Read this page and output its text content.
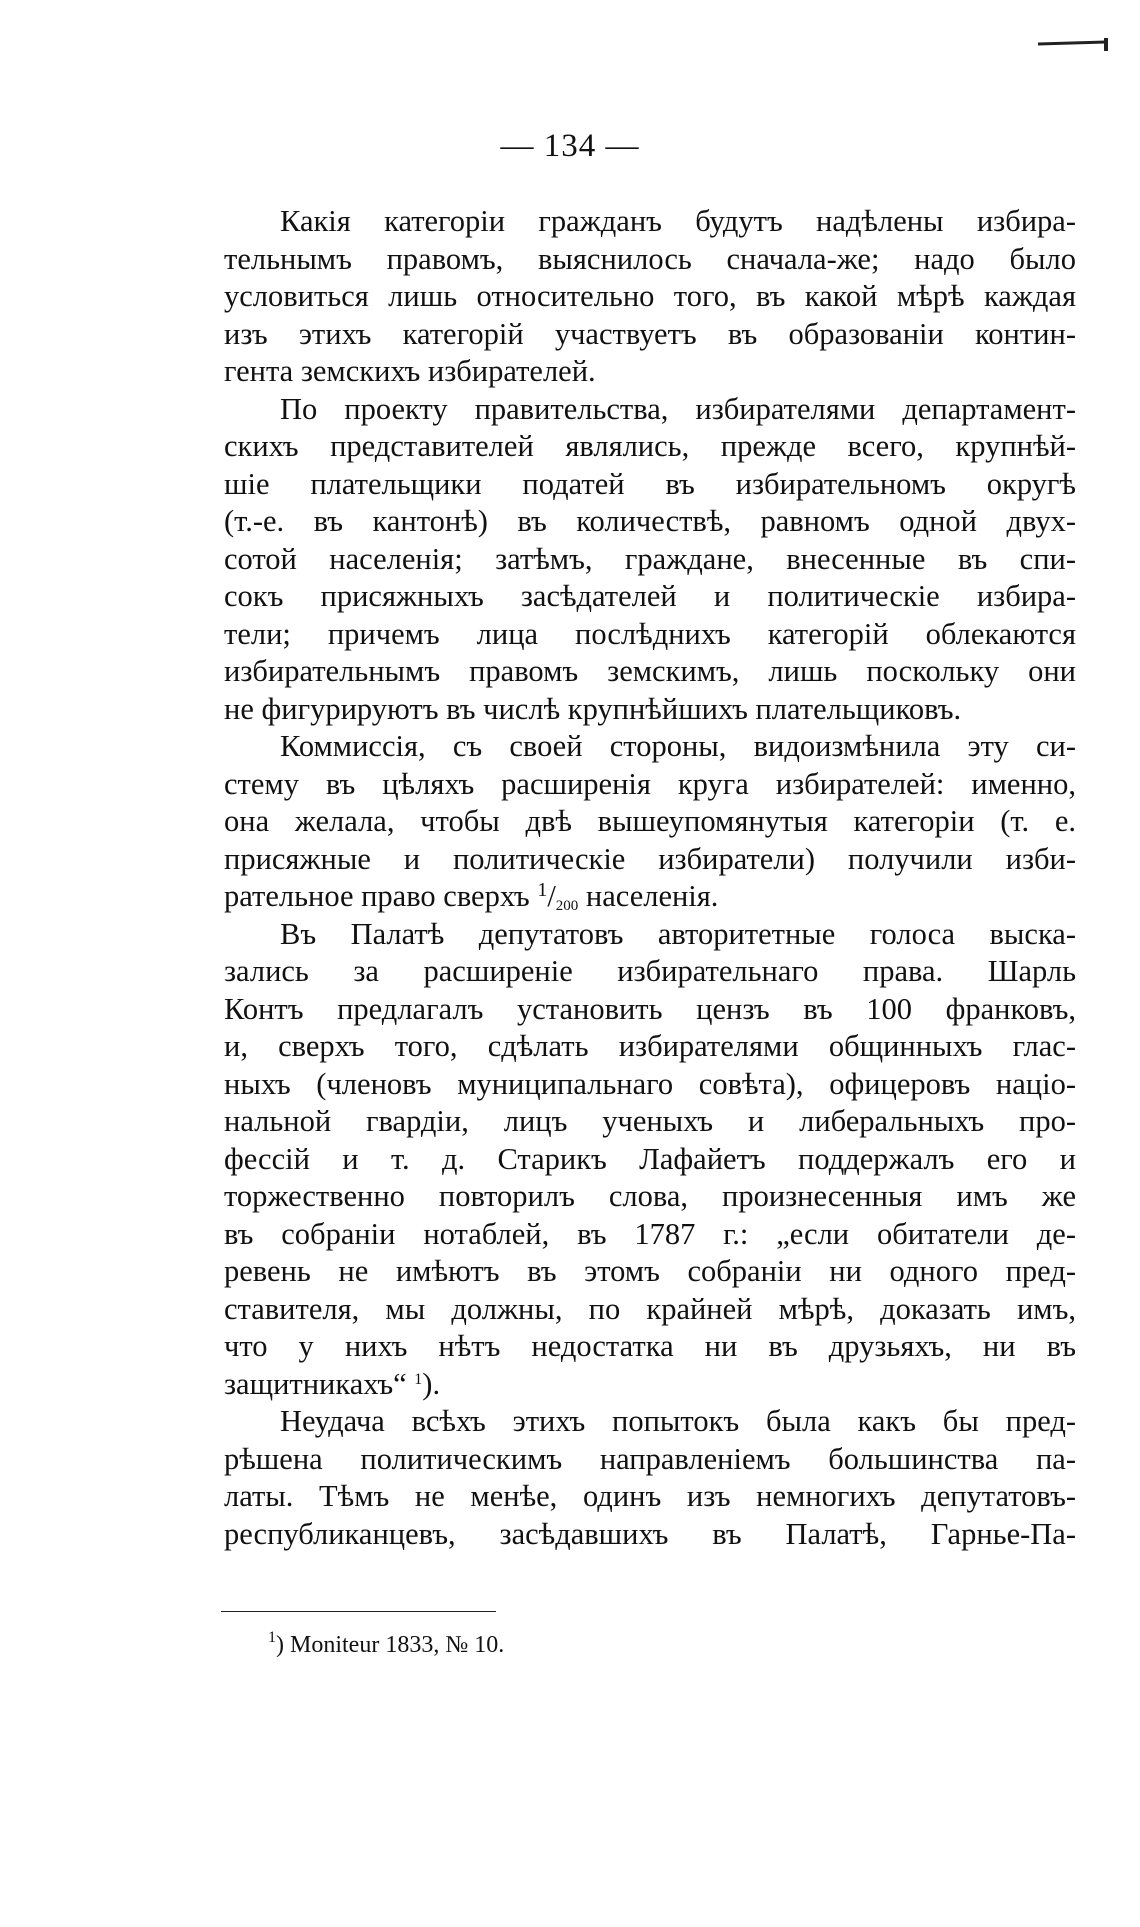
— 134 —
Какія категоріи гражданъ будутъ надѣлены избира-
тельнымъ правомъ, выяснилось сначала-же; надо было
условиться лишь относительно того, въ какой мѣрѣ каждая
изъ этихъ категорій участвуетъ въ образованіи контин-
гента земскихъ избирателей.
По проекту правительства, избирателями департамент-
скихъ представителей являлись, прежде всего, крупнѣй-
шіе плательщики податей въ избирательномъ округѣ
(т.-е. въ кантонѣ) въ количествѣ, равномъ одной двух-
сотой населенія; затѣмъ, граждане, внесенные въ спи-
сокъ присяжныхъ засѣдателей и политическіе избира-
тели; причемъ лица послѣднихъ категорій облекаются
избирательнымъ правомъ земскимъ, лишь поскольку они
не фигурируютъ въ числѣ крупнѣйшихъ плательщиковъ.
Коммиссія, съ своей стороны, видоизмѣнила эту си-
стему въ цѣляхъ расширенія круга избирателей: именно,
она желала, чтобы двѣ вышеупомянутыя категоріи (т. е.
присяжные и политическіе избиратели) получили изби-
рательное право сверхъ $^1$/200 населенія.
Въ Палатѣ депутатовъ авторитетные голоса выска-
зались за расширеніе избирательнаго права. Шарль
Контъ предлагалъ установить цензъ въ 100 франковъ,
и, сверхъ того, сдѣлать избирателями общинныхъ глас-
ныхъ (членовъ муниципальнаго совѣта), офицеровъ націо-
нальной гвардіи, лицъ ученыхъ и либеральныхъ про-
фессій и т. д. Старикъ Лафайетъ поддержалъ его и
торжественно повторилъ слова, произнесенныя имъ же
въ собраніи нотаблей, въ 1787 г.: „если обитатели де-
ревень не имѣютъ въ этомъ собраніи ни одного пред-
ставителя, мы должны, по крайней мѣрѣ, доказать имъ,
что у нихъ нѣтъ недостатка ни въ друзьяхъ, ни въ
защитникахъ“ $^1$).
Неудача всѣхъ этихъ попытокъ была какъ бы пред-
рѣшена политическимъ направленіемъ большинства па-
латы. Тѣмъ не менѣе, одинъ изъ немногихъ депутатовъ-
республиканцевъ, засѣдавшихъ въ Палатѣ, Гарнье-Па-
$^1$) Moniteur 1833, № 10.
